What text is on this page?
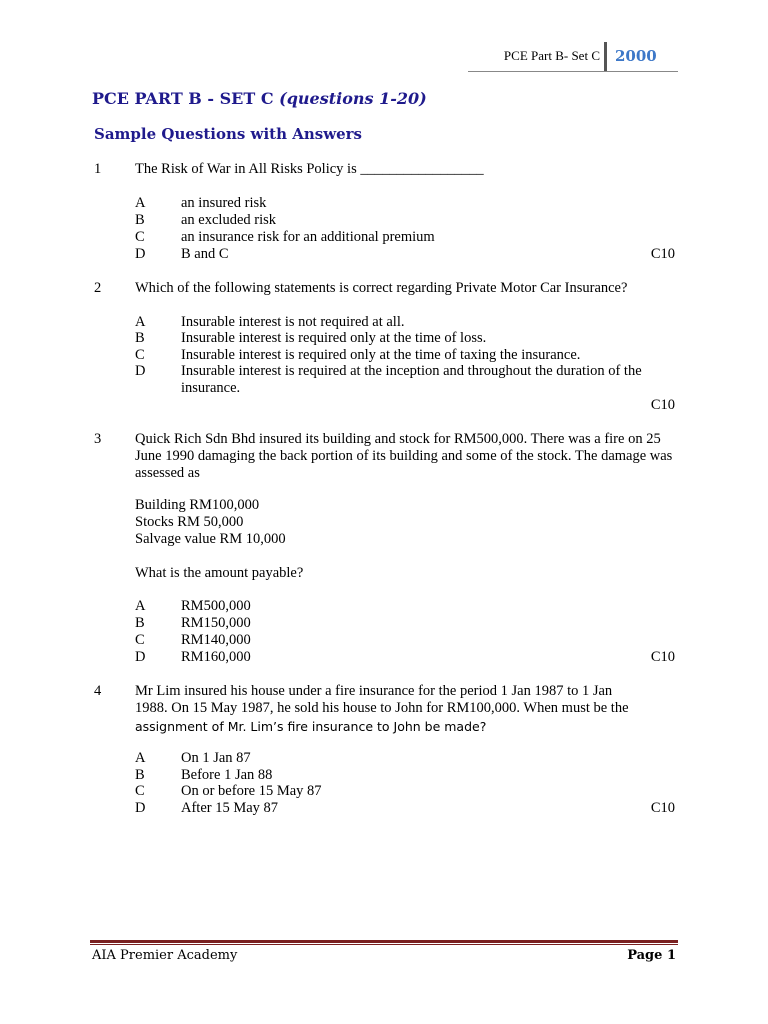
PCE Part B- Set C 2000
PCE PART B - SET C (questions 1-20)
Sample Questions with Answers
1 The Risk of War in All Risks Policy is _________________
A an insured risk
B	an excluded risk
C	an insurance risk for an additional premium
D B and C	C10
2 Which of the following statements is correct regarding Private Motor Car Insurance?
A Insurable interest is not required at all.
B	Insurable interest is required only at the time of loss.
C	Insurable interest is required only at the time of taxing the insurance.
D Insurable interest is required at the inception and throughout the duration of the insurance.
C10
3 Quick Rich Sdn Bhd insured its building and stock for RM500,000. There was a fire on 25 June 1990 damaging the back portion of its building and some of the stock. The damage was assessed as
Building RM100,000
Stocks RM 50,000
Salvage value RM 10,000
What is the amount payable?
A RM500,000
B	RM150,000
C	RM140,000
D RM160,000	C10
4 Mr Lim insured his house under a fire insurance for the period 1 Jan 1987 to 1 Jan
1988. On 15 May 1987, he sold his house to John for RM100,000. When must be the
assignment of Mr. Lim’s fire insurance to John be made?
A On 1 Jan 87
B	Before 1 Jan 88
C	On or before 15 May 87
D After 15 May 87	C10
AIA Premier Academy	Page 1
